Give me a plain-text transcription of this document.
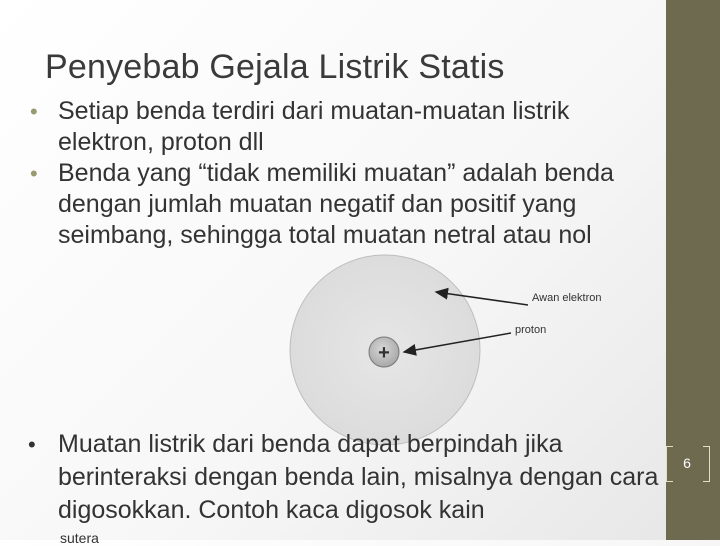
Penyebab Gejala Listrik Statis
• Setiap benda terdiri dari muatan-muatan listrik elektron, proton dll
• Benda yang “tidak memiliki muatan” adalah benda dengan jumlah muatan negatif dan positif yang seimbang, sehingga total muatan netral atau nol
+
Awan elektron
proton
• Muatan listrik dari benda dapat berpindah jika berinteraksi dengan benda lain, misalnya dengan cara digosokkan. Contoh kaca digosok kain
sutera
6
